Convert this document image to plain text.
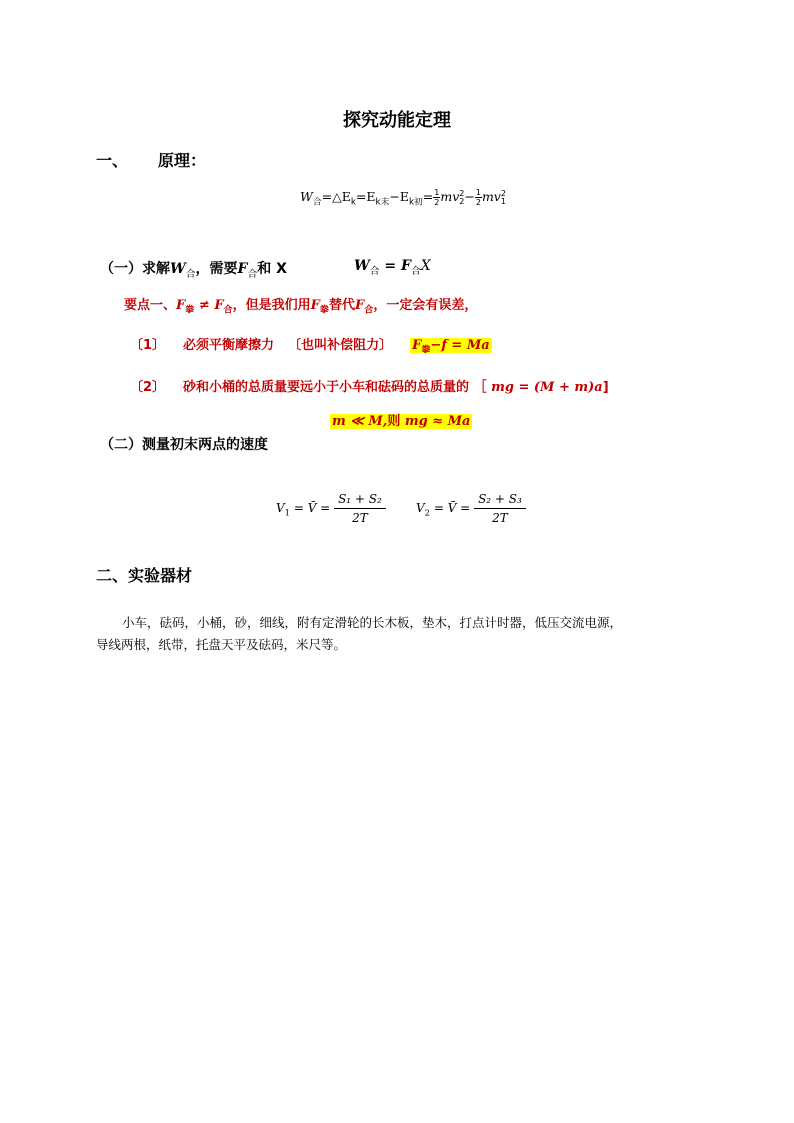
探究动能定理
一、 原理：
$W_合=\triangle E_k=E_{k末}-E_{k初}= \frac{1}{2}$ mv 2
$2 - \frac{1}{2}$ mv 2
1
（一）求解$W_合$，需要$F_合$和 X	$W_合 = F_合X$
要点一、$F_拳 \ne F_合$，但是我们用$F_拳$替代$F_合$，一定会有误差，
〔1〕 必须平衡摩擦力 〔也叫补偿阻力〕 $F_拳-f = Ma$
〔2〕 砂和小桶的总质量要远小于小车和砝码的总质量的 ［ mg = (M + m)a]
m ≪ M,则 mg ≈ Ma
（二）测量初末两点的速度
$V_1$ = V̄ = $\frac{\text{S₁ + S₂}}{2T}$	$V_2$ = V̄ = $\frac{\text{S₂ + S₃}}{2T}$
二、实验器材
小车，砝码，小桶，砂，细线，附有定滑轮的长木板，垫木，打点计时器，低压交流电源，
导线两根，纸带，托盘天平及砝码，米尺等。
